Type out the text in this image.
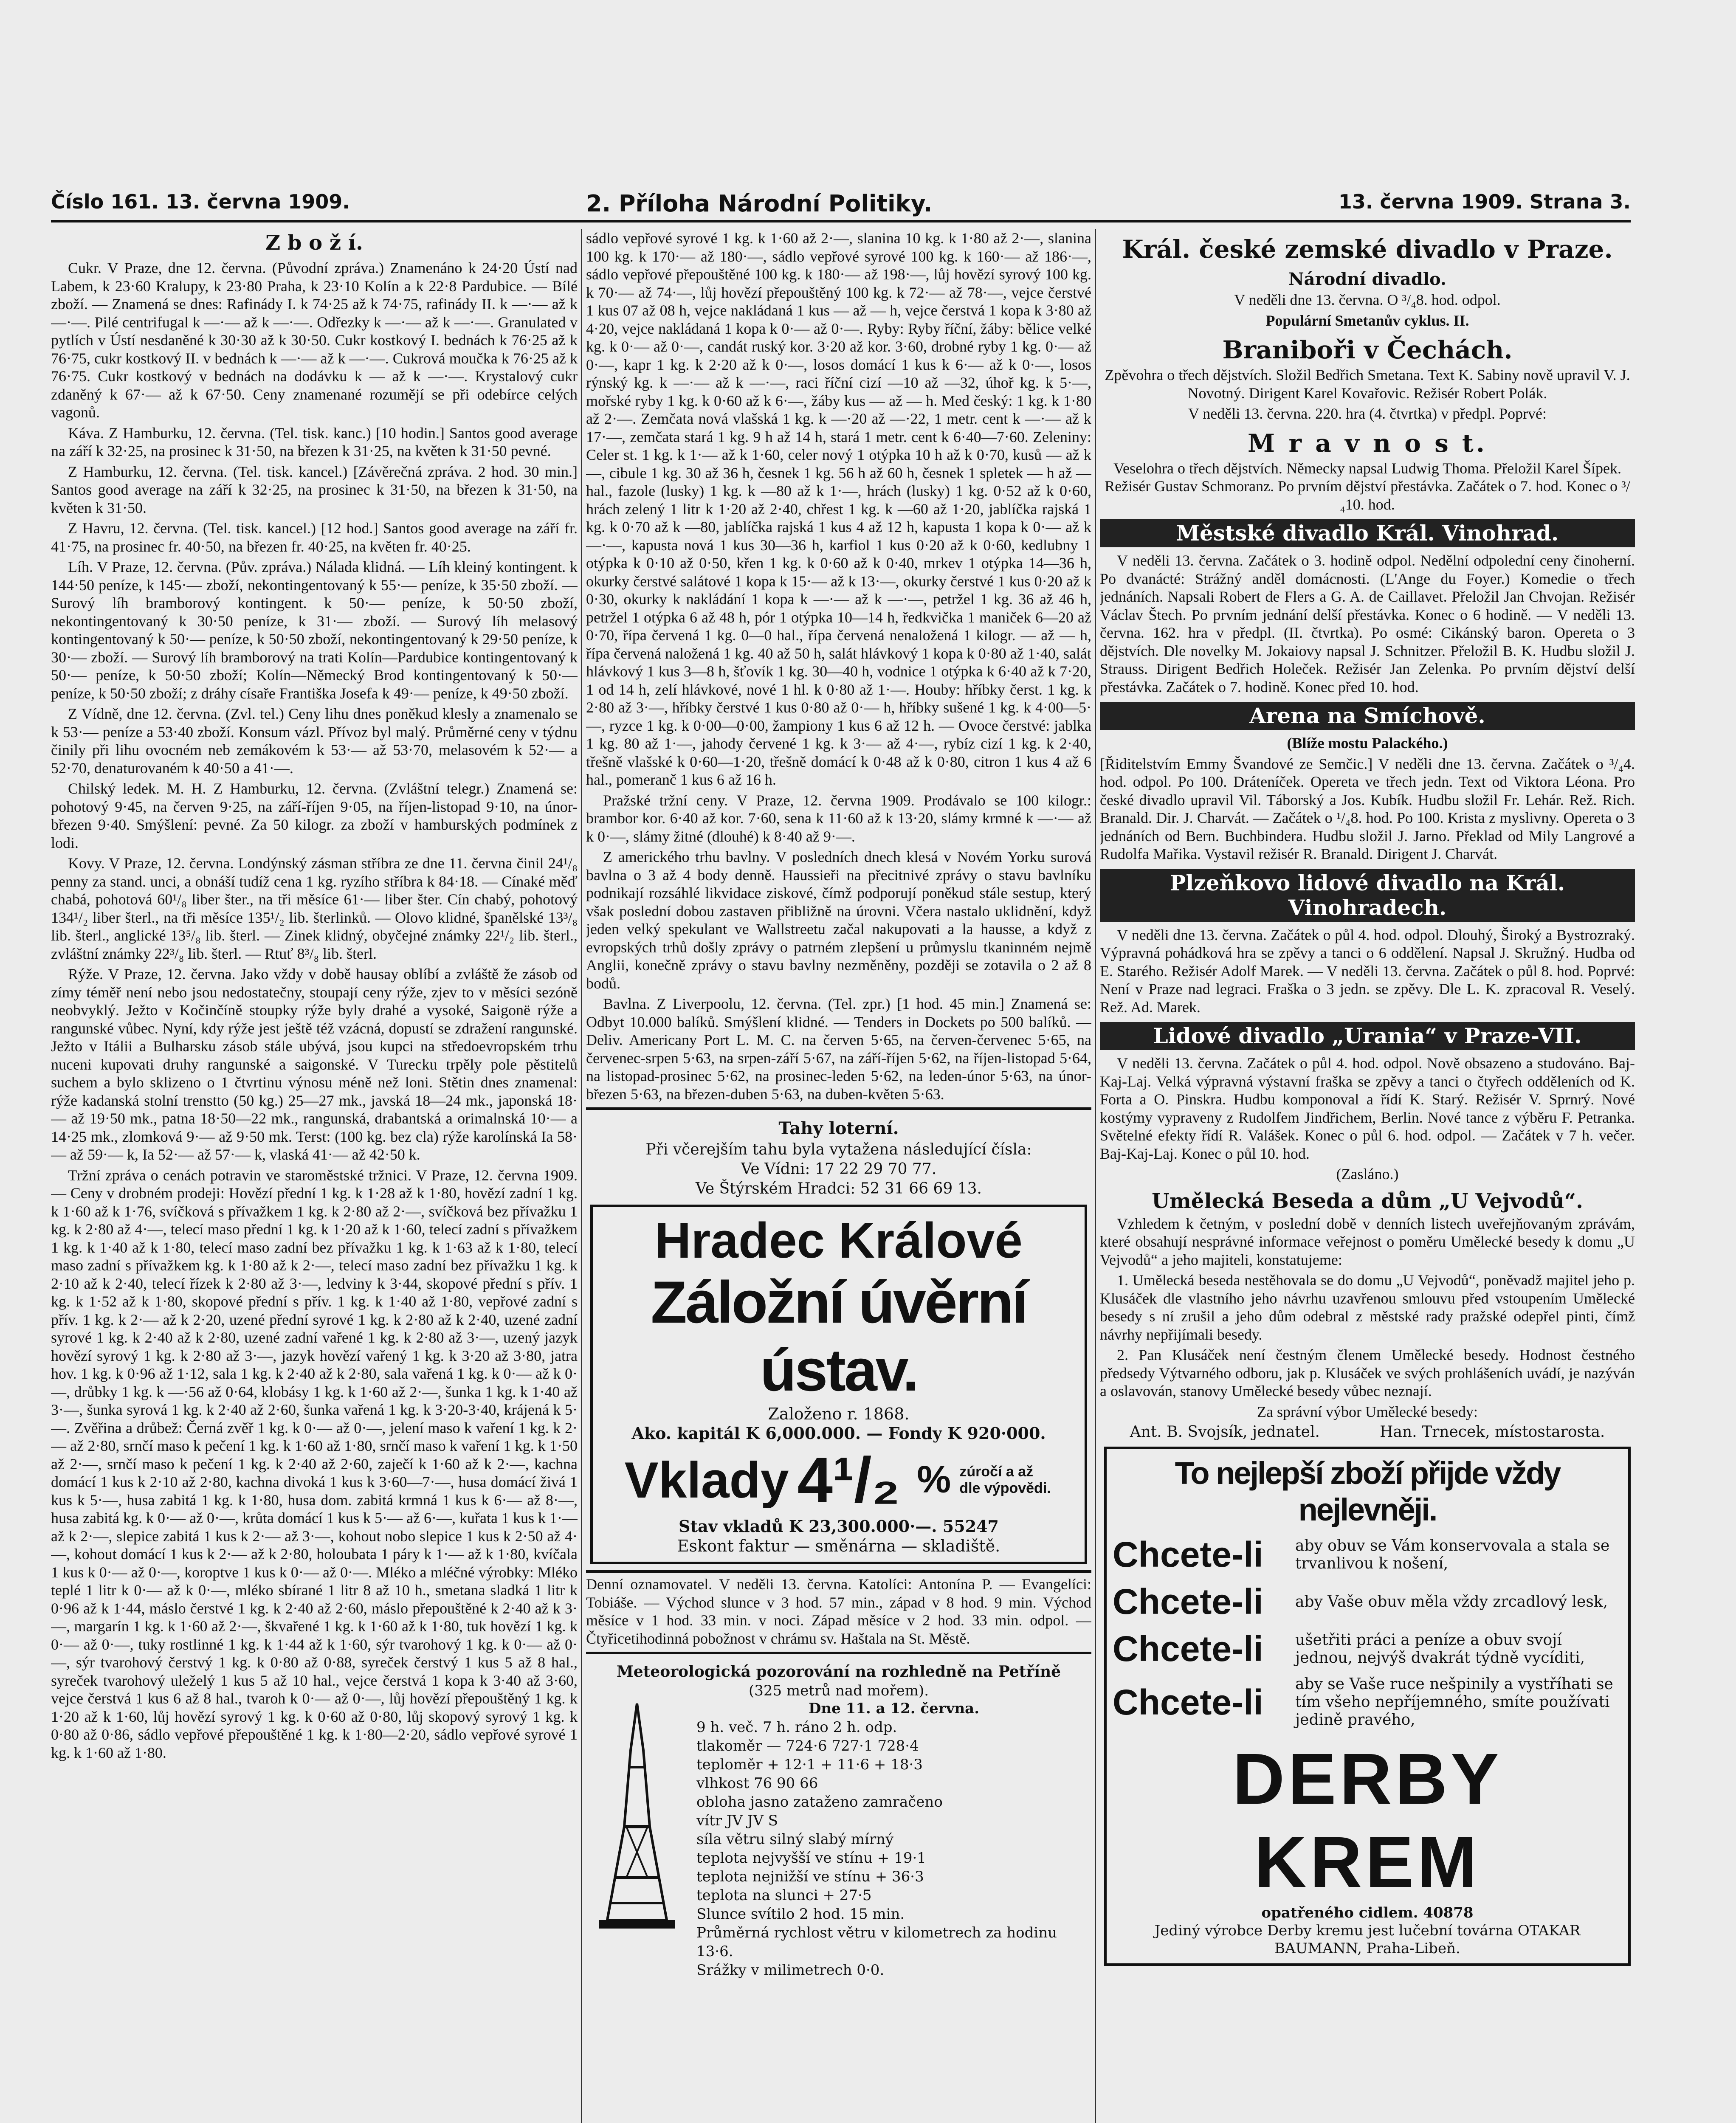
Číslo 161. 13. června 1909.	2. Příloha Národní Politiky.	13. června 1909. Strana 3.
Z b o ž í.

Cukr. V Praze, dne 12. června. (Původní zpráva.) Znamenáno k 24·20 Ústí nad Labem, k 23·60 Kralupy, k 23·80 Praha, k 23·10 Kolín a k 22·8 Pardubice. — Bílé zboží. — Znamená se dnes: Rafinády I. k 74·25 až k 74·75, rafinády II. k —·— až k —·—. Pilé centrifugal k —·— až k —·—. Odřezky k —·— až k —·—. Granulated v pytlích v Ústí nesdaněné k 30·30 až k 30·50. Cukr kostkový I. bednách k 76·25 až k 76·75, cukr kostkový II. v bednách k —·— až k —·—. Cukrová moučka k 76·25 až k 76·75. Cukr kostkový v bednách na dodávku k — až k —·—. Krystalový cukr zdaněný k 67·— až k 67·50. Ceny znamenané rozumějí se při odebírce celých vagonů.

Káva. Z Hamburku, 12. června. (Tel. tisk. kanc.) [10 hodin.] Santos good average na září k 32·25, na prosinec k 31·50, na březen k 31·25, na květen k 31·50 pevné.

Z Hamburku, 12. června. (Tel. tisk. kancel.) [Závěrečná zpráva. 2 hod. 30 min.] Santos good average na září k 32·25, na prosinec k 31·50, na březen k 31·50, na květen k 31·50.

Z Havru, 12. června. (Tel. tisk. kancel.) [12 hod.] Santos good average na září fr. 41·75, na prosinec fr. 40·50, na březen fr. 40·25, na květen fr. 40·25.

Líh. V Praze, 12. června. (Pův. zpráva.) Nálada klidná. — Líh kleiný kontingent. k 144·50 peníze, k 145·— zboží, nekontingentovaný k 55·— peníze, k 35·50 zboží. — Surový líh bramborový kontingent. k 50·— peníze, k 50·50 zboží, nekontingentovaný k 30·50 peníze, k 31·— zboží. — Surový líh melasový kontingentovaný k 50·— peníze, k 50·50 zboží, nekontingentovaný k 29·50 peníze, k 30·— zboží. — Surový líh bramborový na trati Kolín—Pardubice kontingentovaný k 50·— peníze, k 50·50 zboží; Kolín—Německý Brod kontingentovaný k 50·— peníze, k 50·50 zboží; z dráhy císaře Františka Josefa k 49·— peníze, k 49·50 zboží.

Z Vídně, dne 12. června. (Zvl. tel.) Ceny lihu dnes poněkud klesly a znamenalo se k 53·— peníze a 53·40 zboží. Konsum vázl. Přívoz byl malý. Průměrné ceny v týdnu činily při lihu ovocném neb zemákovém k 53·— až 53·70, melasovém k 52·— a 52·70, denaturovaném k 40·50 a 41·—.

Chilský ledek. M. H. Z Hamburku, 12. června. (Zvláštní telegr.) Znamená se: pohotový 9·45, na červen 9·25, na září-říjen 9·05, na říjen-listopad 9·10, na únor-březen 9·40. Smýšlení: pevné. Za 50 kilogr. za zboží v hamburských podmínek z lodi.

Kovy. V Praze, 12. června. Londýnský zásman stříbra ze dne 11. června činil 24¹/₈ penny za stand. unci, a obnáší tudíž cena 1 kg. ryzího stříbra k 84·18. — Cínaké měď chabá, pohotová 60¹/₈ liber šter., na tři měsíce 61·— liber šter. Cín chabý, pohotový 134¹/₂ liber šterl., na tři měsíce 135¹/₂ lib. šterlinků. — Olovo klidné, španělské 13³/₈ lib. šterl., anglické 13⁵/₈ lib. šterl. — Zinek klidný, obyčejné známky 22¹/₂ lib. šterl., zvláštní známky 22³/₈ lib. šterl. — Rtuť 8³/₈ lib. šterl.

Rýže. V Praze, 12. června. Jako vždy v době hausay oblíbí a zvláště že zásob od zímy téměř není nebo jsou nedostatečny, stoupají ceny rýže, zjev to v měsíci sezóně neobvyklý. Ježto v Kočinčíně stoupky rýže byly drahé a vysoké, Saigonë rýže a rangunské vůbec. Nyní, kdy rýže jest ještě též vzácná, dopustí se zdražení rangunské. Ježto v Itálii a Bulharsku zásob stále ubývá, jsou kupci na středoevropském trhu nuceni kupovati druhy rangunské a saigonské. V Turecku trpěly pole pěstitelů suchem a bylo sklizeno o 1 čtvrtinu výnosu méně než loni. Stětin dnes znamenal: rýže kadanská stolní trenstto (50 kg.) 25—27 mk., javská 18—24 mk., japonská 18·— až 19·50 mk., patna 18·50—22 mk., rangunská, drabantská a orimalnská 10·— a 14·25 mk., zlomková 9·— až 9·50 mk. Terst: (100 kg. bez cla) rýže karolínská Ia 58·— až 59·— k, Ia 52·— až 57·— k, vlaská 41·— až 42·50 k.

Tržní zpráva o cenách potravin ve staroměstské tržnici. V Praze, 12. června 1909. — Ceny v drobném prodeji: Hovězí přední 1 kg. k 1·28 až k 1·80, hovězí zadní 1 kg. k 1·60 až k 1·76, svíčková s přívažkem 1 kg. k 2·80 až 2·—, svíčková bez přívažku 1 kg. k 2·80 až 4·—, telecí maso přední 1 kg. k 1·20 až k 1·60, telecí zadní s přívažkem 1 kg. k 1·40 až k 1·80, telecí maso zadní bez přívažku 1 kg. k 1·63 až k 1·80, telecí maso zadní s přívažkem kg. k 1·80 až k 2·—, telecí maso zadní bez přívažku 1 kg. k 2·10 až k 2·40, telecí řízek k 2·80 až 3·—, ledviny k 3·44, skopové přední s přív. 1 kg. k 1·52 až k 1·80, skopové přední s přív. 1 kg. k 1·40 až 1·80, vepřové zadní s přív. 1 kg. k 2·— až k 2·20, uzené přední syrové 1 kg. k 2·80 až k 2·40, uzené zadní syrové 1 kg. k 2·40 až k 2·80, uzené zadní vařené 1 kg. k 2·80 až 3·—, uzený jazyk hovězí syrový 1 kg. k 2·80 až 3·—, jazyk hovězí vařený 1 kg. k 3·20 až 3·80, jatra hov. 1 kg. k 0·96 až 1·12, sala 1 kg. k 2·40 až k 2·80, sala vařená 1 kg. k 0·— až k 0·—, drůbky 1 kg. k —·56 až 0·64, klobásy 1 kg. k 1·60 až 2·—, šunka 1 kg. k 1·40 až 3·—, šunka syrová 1 kg. k 2·40 až 2·60, šunka vařená 1 kg. k 3·20-3·40, krájená k 5·—. Zvěřina a drůbež: Černá zvěř 1 kg. k 0·— až 0·—, jelení maso k vaření 1 kg. k 2·— až 2·80, srnčí maso k pečení 1 kg. k 1·60 až 1·80, srnčí maso k vaření 1 kg. k 1·50 až 2·—, srnčí maso k pečení 1 kg. k 2·40 až 2·60, zaječí k 1·60 až k 2·—, kachna domácí 1 kus k 2·10 až 2·80, kachna divoká 1 kus k 3·60—7·—, husa domácí živá 1 kus k 5·—, husa zabitá 1 kg. k 1·80, husa dom. zabitá krmná 1 kus k 6·— až 8·—, husa zabitá kg. k 0·— až 0·—, krůta domácí 1 kus k 5·— až 6·—, kuřata 1 kus k 1·— až k 2·—, slepice zabitá 1 kus k 2·— až 3·—, kohout nobo slepice 1 kus k 2·50 až 4·—, kohout domácí 1 kus k 2·— až k 2·80, holoubata 1 páry k 1·— až k 1·80, kvíčala 1 kus k 0·— až 0·—, koroptve 1 kus k 0·— až 0·—. Mléko a mléčné výrobky: Mléko teplé 1 litr k 0·— až k 0·—, mléko sbírané 1 litr 8 až 10 h., smetana sladká 1 litr k 0·96 až k 1·44, máslo čerstvé 1 kg. k 2·40 až 2·60, máslo přepouštěné k 2·40 až k 3·—, margarín 1 kg. k 1·60 až 2·—, škvařené 1 kg. k 1·60 až k 1·80, tuk hovězí 1 kg. k 0·— až 0·—, tuky rostlinné 1 kg. k 1·44 až k 1·60, sýr tvarohový 1 kg. k 0·— až 0·—, sýr tvarohový čerstvý 1 kg. k 0·80 až 0·88, syreček čerstvý 1 kus 5 až 8 hal., syreček tvarohový uleželý 1 kus 5 až 10 hal., vejce čerstvá 1 kopa k 3·40 až 3·60, vejce čerstvá 1 kus 6 až 8 hal., tvaroh k 0·— až 0·—, lůj hovězí přepouštěný 1 kg. k 1·20 až k 1·60, lůj hovězí syrový 1 kg. k 0·60 až 0·80, lůj skopový syrový 1 kg. k 0·80 až 0·86, sádlo vepřové přepouštěné 1 kg. k 1·80—2·20, sádlo vepřové syrové 1 kg. k 1·60 až 1·80.

sádlo vepřové syrové 1 kg. k 1·60 až 2·—, slanina 10 kg. k 1·80 až 2·—, slanina 100 kg. k 170·— až 180·—, sádlo vepřové syrové 100 kg. k 160·— až 186·—, sádlo vepřové přepouštěné 100 kg. k 180·— až 198·—, lůj hovězí syrový 100 kg. k 70·— až 74·—, lůj hovězí přepouštěný 100 kg. k 72·— až 78·—, vejce čerstvé 1 kus 07 až 08 h, vejce nakládaná 1 kus — až — h, vejce čerstvá 1 kopa k 3·80 až 4·20, vejce nakládaná 1 kopa k 0·— až 0·—. Ryby: Ryby říční, žáby: bělice velké kg. k 0·— až 0·—, candát ruský kor. 3·20 až kor. 3·60, drobné ryby 1 kg. 0·— až 0·—, kapr 1 kg. k 2·20 až k 0·—, losos domácí 1 kus k 6·— až k 0·—, losos rýnský kg. k —·— až k —·—, raci říční cizí —10 až —32, úhoř kg. k 5·—, mořské ryby 1 kg. k 0·60 až k 6·—, žáby kus — až — h. Med český: 1 kg. k 1·80 až 2·—. Zemčata nová vlašská 1 kg. k —·20 až —·22, 1 metr. cent k —·— až k 17·—, zemčata stará 1 kg. 9 h až 14 h, stará 1 metr. cent k 6·40—7·60. Zeleniny: Celer st. 1 kg. k 1·— až k 1·60, celer nový 1 otýpka 10 h až k 0·70, kusů — až k —, cibule 1 kg. 30 až 36 h, česnek 1 kg. 56 h až 60 h, česnek 1 spletek — h až — hal., fazole (lusky) 1 kg. k —80 až k 1·—, hrách (lusky) 1 kg. 0·52 až k 0·60, hrách zelený 1 litr k 1·20 až 2·40, chřest 1 kg. k —60 až 1·20, jablíčka rajská 1 kg. k 0·70 až k —80, jablíčka rajská 1 kus 4 až 12 h, kapusta 1 kopa k 0·— až k —·—, kapusta nová 1 kus 30—36 h, karfiol 1 kus 0·20 až k 0·60, kedlubny 1 otýpka k 0·10 až 0·50, křen 1 kg. k 0·60 až k 0·40, mrkev 1 otýpka 14—36 h, okurky čerstvé salátové 1 kopa k 15·— až k 13·—, okurky čerstvé 1 kus 0·20 až k 0·30, okurky k nakládání 1 kopa k —·— až k —·—, petržel 1 kg. 36 až 46 h, petržel 1 otýpka 6 až 48 h, pór 1 otýpka 10—14 h, ředkvička 1 maniček 6—20 až 0·70, řípa červená 1 kg. 0—0 hal., řípa červená nenaložená 1 kilogr. — až — h, řípa červená naložená 1 kg. 40 až 50 h, salát hlávkový 1 kopa k 0·80 až 1·40, salát hlávkový 1 kus 3—8 h, šťovík 1 kg. 30—40 h, vodnice 1 otýpka k 6·40 až k 7·20, 1 od 14 h, zelí hlávkové, nové 1 hl. k 0·80 až 1·—. Houby: hříbky čerst. 1 kg. k 2·80 až 3·—, hříbky čerstvé 1 kus 0·80 až 0·— h, hříbky sušené 1 kg. k 4·00—5·—, ryzce 1 kg. k 0·00—0·00, žampiony 1 kus 6 až 12 h. — Ovoce čerstvé: jablka 1 kg. 80 až 1·—, jahody červené 1 kg. k 3·— až 4·—, rybíz cizí 1 kg. k 2·40, třešně vlašské k 0·60—1·20, třešně domácí k 0·48 až k 0·80, citron 1 kus 4 až 6 hal., pomeranč 1 kus 6 až 16 h.

Pražské tržní ceny. V Praze, 12. června 1909. Prodávalo se 100 kilogr.: brambor kor. 6·40 až kor. 7·60, sena k 11·60 až k 13·20, slámy krmné k —·— až k 0·—, slámy žitné (dlouhé) k 8·40 až 9·—.

Z amerického trhu bavlny. V posledních dnech klesá v Novém Yorku surová bavlna o 3 až 4 body denně. Haussieři na přecitnivé zprávy o stavu bavlníku podnikají rozsáhlé likvidace ziskové, čímž podporují poněkud stále sestup, který však poslední dobou zastaven přibližně na úrovni. Včera nastalo uklidnění, když jeden velký spekulant ve Wallstreetu začal nakupovati a la hausse, a když z evropských trhů došly zprávy o patrném zlepšení u průmyslu tkaninném nejmě Anglii, konečně zprávy o stavu bavlny nezměněny, později se zotavila o 2 až 8 bodů.

Bavlna. Z Liverpoolu, 12. června. (Tel. zpr.) [1 hod. 45 min.] Znamená se: Odbyt 10.000 balíků. Smýšlení klidné. — Tenders in Dockets po 500 balíků. — Deliv. Americany Port L. M. C. na červen 5·65, na červen-červenec 5·65, na červenec-srpen 5·63, na srpen-září 5·67, na září-říjen 5·62, na říjen-listopad 5·64, na listopad-prosinec 5·62, na prosinec-leden 5·62, na leden-únor 5·63, na únor-březen 5·63, na březen-duben 5·63, na duben-květen 5·63.

Tahy loterní.
Při včerejším tahu byla vytažena následující čísla:
Ve Vídni: 17 22 29 70 77.
Ve Štýrském Hradci: 52 31 66 69 13.
Hradec Králové
Záložní úvěrní ústav.
Založeno r. 1868.
Ako. kapitál K 6,000.000. — Fondy K 920·000.
Vklady 4¹/₂ % zúročí a až dle výpovědi.
Stav vkladů K 23,300.000·—. 55247
Eskont faktur — směnárna — skladiště.

Denní oznamovatel. V neděli 13. června. Katolíci: Antonína P. — Evangelíci: Tobiáše. — Východ slunce v 3 hod. 57 min., západ v 8 hod. 9 min. Východ měsíce v 1 hod. 33 min. v noci. Západ měsíce v 2 hod. 33 min. odpol. — Čtyřicetihodinná pobožnost v chrámu sv. Haštala na St. Městě.

Meteorologická pozorování na rozhledně na Petříně
(325 metrů nad mořem).
Dne 11. a 12. června.
9 h. več. 7 h. ráno 2 h. odp.
tlakoměr — 724·6 727·1 728·4
teploměr + 12·1 + 11·6 + 18·3
vlhkost 76 90 66
obloha jasno zataženo zamračeno
vítr JV JV S
síla větru silný slabý mírný
teplota nejvyšší ve stínu + 19·1
teplota nejnižší ve stínu + 36·3
teplota na slunci + 27·5
Slunce svítilo 2 hod. 15 min.
Průměrná rychlost větru v kilometrech za hodinu 13·6.
Srážky v milimetrech 0·0.
Král. české zemské divadlo v Praze.
Národní divadlo.
V neděli dne 13. června. O ³/₄8. hod. odpol.
Populární Smetanův cyklus. II.
Braniboři v Čechách.

Zpěvohra o třech dějstvích. Složil Bedřich Smetana. Text K. Sabiny nově upravil V. J. Novotný. Dirigent Karel Kovařovic. Režisér Robert Polák.

V neděli 13. června. 220. hra (4. čtvrtka) v předpl. Poprvé:

M r a v n o s t.

Veselohra o třech dějstvích. Německy napsal Ludwig Thoma. Přeložil Karel Šípek. Režisér Gustav Schmoranz. Po prvním dějství přestávka. Začátek o 7. hod. Konec o ³/₄10. hod.

Městské divadlo Král. Vinohrad.

V neděli 13. června. Začátek o 3. hodině odpol. Nedělní odpolední ceny činoherní. Po dvanácté: Strážný anděl domácnosti. (L'Ange du Foyer.) Komedie o třech jednáních. Napsali Robert de Flers a G. A. de Caillavet. Přeložil Jan Chvojan. Režisér Václav Štech. Po prvním jednání delší přestávka. Konec o 6 hodině. — V neděli 13. června. 162. hra v předpl. (II. čtvrtka). Po osmé: Cikánský baron. Opereta o 3 dějstvích. Dle novelky M. Jokaiovy napsal J. Schnitzer. Přeložil B. K. Hudbu složil J. Strauss. Dirigent Bedřich Holeček. Režisér Jan Zelenka. Po prvním dějství delší přestávka. Začátek o 7. hodině. Konec před 10. hod.

Arena na Smíchově.
(Blíže mostu Palackého.)

[Řiditelstvím Emmy Švandové ze Semčic.] V neděli dne 13. června. Začátek o ³/₄4. hod. odpol. Po 100. Dráteníček. Opereta ve třech jedn. Text od Viktora Léona. Pro české divadlo upravil Vil. Táborský a Jos. Kubík. Hudbu složil Fr. Lehár. Rež. Rich. Branald. Dir. J. Charvát. — Začátek o ¹/₄8. hod. Po 100. Krista z myslivny. Opereta o 3 jednáních od Bern. Buchbindera. Hudbu složil J. Jarno. Překlad od Mily Langrové a Rudolfa Mařika. Vystavil režisér R. Branald. Dirigent J. Charvát.

Plzeňkovo lidové divadlo na Král. Vinohradech.

V neděli dne 13. června. Začátek o půl 4. hod. odpol. Dlouhý, Široký a Bystrozraký. Výpravná pohádková hra se zpěvy a tanci o 6 oddělení. Napsal J. Skružný. Hudba od E. Starého. Režisér Adolf Marek. — V neděli 13. června. Začátek o půl 8. hod. Poprvé: Není v Praze nad legraci. Fraška o 3 jedn. se zpěvy. Dle L. K. zpracoval R. Veselý. Rež. Ad. Marek.

Lidové divadlo „Urania“ v Praze-VII.

V neděli 13. června. Začátek o půl 4. hod. odpol. Nově obsazeno a studováno. Baj-Kaj-Laj. Velká výpravná výstavní fraška se zpěvy a tanci o čtyřech odděleních od K. Forta a O. Pinskra. Hudbu komponoval a řídí K. Starý. Režisér V. Sprnrý. Nové kostýmy vypraveny z Rudolfem Jindřichem, Berlin. Nové tance z výběru F. Petranka. Světelné efekty řídí R. Valášek. Konec o půl 6. hod. odpol. — Začátek v 7 h. večer. Baj-Kaj-Laj. Konec o půl 10. hod.

(Zasláno.)
Umělecká Beseda a dům „U Vejvodů“.

Vzhledem k četným, v poslední době v denních listech uveřejňovaným zprávám, které obsahují nesprávné informace veřejnost o poměru Umělecké besedy k domu „U Vejvodů“ a jeho majiteli, konstatujeme:

1. Umělecká beseda nestěhovala se do domu „U Vejvodů“, poněvadž majitel jeho p. Klusáček dle vlastního jeho návrhu uzavřenou smlouvu před vstoupením Umělecké besedy s ní zrušil a jeho dům odebral z městské rady pražské odepřel pinti, čímž návrhy nepřijímali besedy.

2. Pan Klusáček není čestným členem Umělecké besedy. Hodnost čestného předsedy Výtvarného odboru, jak p. Klusáček ve svých prohlášeních uvádí, je nazýván a oslavován, stanovy Umělecké besedy vůbec neznají.

Za správní výbor Umělecké besedy:
Ant. B. Svojsík, jednatel.	Han. Trnecek, místostarosta.
To nejlepší zboží přijde vždy nejlevněji.
Chcete-li	aby obuv se Vám konservovala a stala se trvanlivou k nošení,
Chcete-li	aby Vaše obuv měla vždy zrcadlový lesk,
Chcete-li	ušetřiti práci a peníze a obuv svojí jednou, nejvýš dvakrát týdně vycíditi,
Chcete-li	aby se Vaše ruce nešpinily a vystříhati se tím všeho nepříjemného, smíte používati jedině pravého,
DERBY KREM
opatřeného cidlem. 40878
Jediný výrobce Derby kremu jest lučební továrna OTAKAR BAUMANN, Praha-Libeň.
